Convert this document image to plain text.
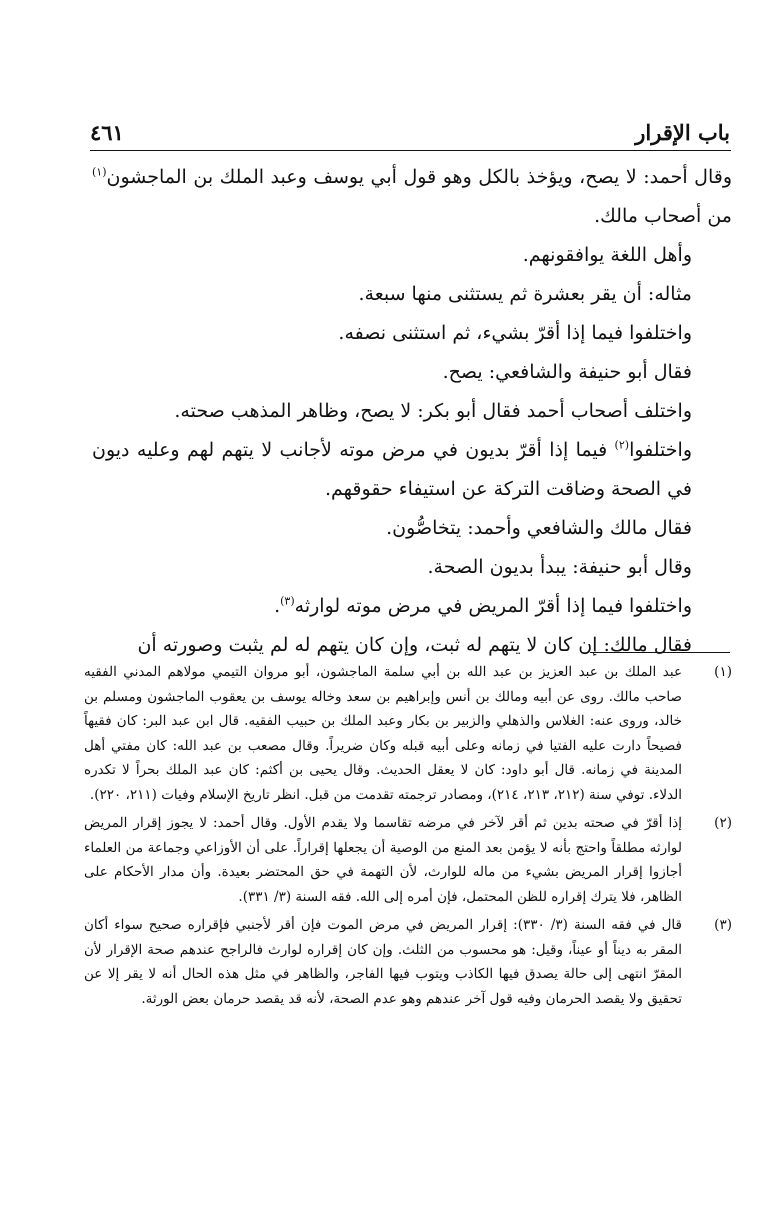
باب الإقرار
٤٦١

وقال أحمد: لا يصح، ويؤخذ بالكل وهو قول أبي يوسف وعبد الملك بن الماجشون$^{(١)}$ من أصحاب مالك.

وأهل اللغة يوافقونهم.

مثاله: أن يقر بعشرة ثم يستثنى منها سبعة.

واختلفوا فيما إذا أقرّ بشيء، ثم استثنى نصفه.

فقال أبو حنيفة والشافعي: يصح.

واختلف أصحاب أحمد فقال أبو بكر: لا يصح، وظاهر المذهب صحته.

واختلفوا$^{(٢)}$ فيما إذا أقرّ بديون في مرض موته لأجانب لا يتهم لهم وعليه ديون في الصحة وضاقت التركة عن استيفاء حقوقهم.

فقال مالك والشافعي وأحمد: يتخاصُّون.

وقال أبو حنيفة: يبدأ بديون الصحة.

واختلفوا فيما إذا أقرّ المريض في مرض موته لوارثه$^{(٣)}$.

فقال مالك: إن كان لا يتهم له ثبت، وإن كان يتهم له لم يثبت وصورته أن

(١)
عبد الملك بن عبد العزيز بن عبد الله بن أبي سلمة الماجشون، أبو مروان التيمي مولاهم المدني الفقيه صاحب مالك. روى عن أبيه ومالك بن أنس وإبراهيم بن سعد وخاله يوسف بن يعقوب الماجشون ومسلم بن خالد، وروى عنه: الغلاس والذهلي والزبير بن بكار وعبد الملك بن حبيب الفقيه. قال ابن عبد البر: كان فقيهاً فصيحاً دارت عليه الفتيا في زمانه وعلى أبيه قبله وكان ضريراً. وقال مصعب بن عبد الله: كان مفتي أهل المدينة في زمانه. قال أبو داود: كان لا يعقل الحديث. وقال يحيى بن أكثم: كان عبد الملك بحراً لا تكدره الدلاء. توفي سنة (٢١٢، ٢١٣، ٢١٤)، ومصادر ترجمته تقدمت من قبل. انظر تاريخ الإسلام وفيات (٢١١، ٢٢٠).
(٢)
إذا أقرّ في صحته بدين ثم أقر لآخر في مرضه تقاسما ولا يقدم الأول. وقال أحمد: لا يجوز إقرار المريض لوارثه مطلقاً واحتج بأنه لا يؤمن بعد المنع من الوصية أن يجعلها إقراراً. على أن الأوزاعي وجماعة من العلماء أجازوا إقرار المريض بشيء من ماله للوارث، لأن التهمة في حق المحتضر بعيدة. وأن مدار الأحكام على الظاهر، فلا يترك إقراره للظن المحتمل، فإن أمره إلى الله. فقه السنة (٣/ ٣٣١).
(٣)
قال في فقه السنة (٣/ ٣٣٠): إقرار المريض في مرض الموت فإن أقر لأجنبي فإقراره صحيح سواء أكان المقر به ديناً أو عيناً، وقيل: هو محسوب من الثلث. وإن كان إقراره لوارث فالراجح عندهم صحة الإقرار لأن المقرّ انتهى إلى حالة يصدق فيها الكاذب ويتوب فيها الفاجر، والظاهر في مثل هذه الحال أنه لا يقر إلا عن تحقيق ولا يقصد الحرمان وفيه قول آخر عندهم وهو عدم الصحة، لأنه قد يقصد حرمان بعض الورثة.
